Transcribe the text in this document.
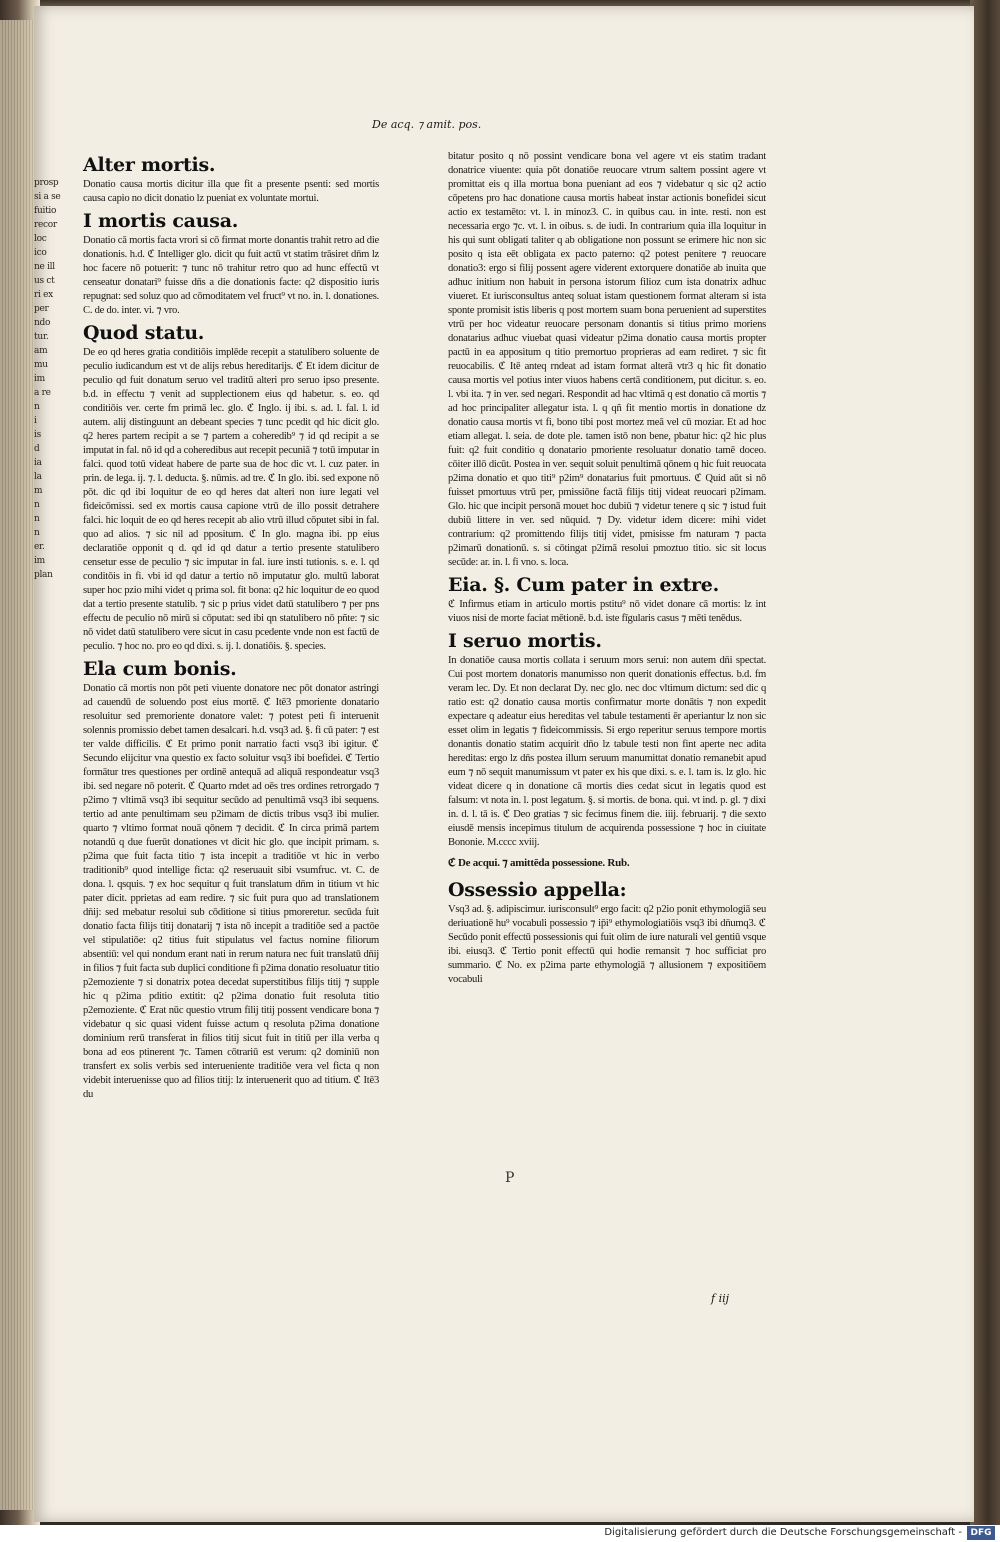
prosp
si a se
fuitio
recor
loc
ico
ne ill
us ct
ri ex
per
ndo
tur.
am
mu
im
a re
n
i
is
d
ia
la
m
n
n
n
er.
im
plan
De acq. ⁊ amit. pos.
Alter mortis.
Donatio causa mortis dicitur illa que fit a presente psenti: sed mortis causa capio no dicit donatio lz pueniat ex voluntate mortui.
I mortis causa.
Donatio cā mortis facta vrori si cō firmat morte donantis trahit retro ad die donationis. h.d. ℭ Intelliger glo. dicit qu fuit actū vt statim trāsiret dn̄m lz hoc facere nō potuerit: ⁊ tunc nō trahitur retro quo ad hunc effectū vt censeatur donatari⁹ fuisse dn̄s a die donationis facte: q2 dispositio iuris repugnat: sed soluz quo ad cōmoditatem vel fruct⁹ vt no. in. l. donationes. C. de do. inter. vi. ⁊ vro.
Quod statu.
De eo qd heres gratia conditiōis implēde recepit a statulibero soluente de peculio iudicandum est vt de alijs rebus hereditarijs. ℭ Et idem dicitur de peculio qd fuit donatum seruo vel traditū alteri pro seruo ipso presente. b.d. in effectu ⁊ venit ad supplectionem eius qd habetur. s. eo. qd conditiōis ver. certe fm primā lec. glo. ℭ Inglo. ij ibi. s. ad. l. fal. l. id autem. alij distinguunt an debeant species ⁊ tunc pcedit qd hic dicit glo. q2 heres partem recipit a se ⁊ partem a coheredib⁹ ⁊ id qd recipit a se imputat in fal. nō id qd a coheredibus aut recepit pecuniā ⁊ totū imputar in falci. quod totū videat habere de parte sua de hoc dic vt. l. cuz pater. in prin. de lega. ij. ⁊. l. deducta. §. nūmis. ad tre. ℭ In glo. ibi. sed expone nō pōt. dic qd ibi loquitur de eo qd heres dat alteri non iure legati vel fideicōmissi. sed ex mortis causa capione vtrū de illo possit detrahere falci. hic loquit de eo qd heres recepit ab alio vtrū illud cōputet sibi in fal. quo ad alios. ⁊ sic nil ad ppositum. ℭ In glo. magna ibi. pp eius declaratiōe opponit q d. qd id qd datur a tertio presente statulibero censetur esse de peculio ⁊ sic imputar in fal. iure insti tutionis. s. e. l. qd conditōis in fi. vbi id qd datur a tertio nō imputatur glo. multū laborat super hoc pzio mihi videt q prima sol. fit bona: q2 hic loquitur de eo quod dat a tertio presente statulib. ⁊ sic p prius videt datū statulibero ⁊ per pns effectu de peculio nō mirū si cōputat: sed ibi qn statulibero nō pñte: ⁊ sic nō videt datū statulibero vere sicut in casu pcedente vnde non est factū de peculio. ⁊ hoc no. pro eo qd dixi. s. ij. l. donatiōis. §. species.
Ela cum bonis.
Donatio cā mortis non pōt peti viuente donatore nec pōt donator astringi ad cauendū de soluendo post eius mortē. ℭ Itē3 pmoriente donatario resoluitur sed premoriente donatore valet: ⁊ potest peti fi interuenit solennis promissio debet tamen desalcari. h.d. vsq3 ad. §. fi cū pater: ⁊ est ter valde difficilis. ℭ Et primo ponit narratio facti vsq3 ibi igitur. ℭ Secundo elijcitur vna questio ex facto soluitur vsq3 ibi boefidei. ℭ Tertio formātur tres questiones per ordinē antequā ad aliquā respondeatur vsq3 ibi. sed negare nō poterit. ℭ Quarto rndet ad oēs tres ordines retrorgado ⁊ p2imo ⁊ vltimā vsq3 ibi sequitur secūdo ad penultimā vsq3 ibi sequens. tertio ad ante penultimam seu p2imam de dictis tribus vsq3 ibi mulier. quarto ⁊ vltimo format nouā qōnem ⁊ decidit. ℭ In circa primā partem notandū q due fuerūt donationes vt dicit hic glo. que incipit primam. s. p2ima que fuit facta titio ⁊ ista incepit a traditiōe vt hic in verbo traditionib⁹ quod intellige ficta: q2 reseruauit sibi vsumfruc. vt. C. de dona. l. qsquis. ⁊ ex hoc sequitur q fuit translatum dn̄m in titium vt hic pater dicit. pprietas ad eam redire. ⁊ sic fuit pura quo ad translationem dn̄ij: sed mebatur resolui sub cōditione si titius pmoreretur. secūda fuit donatio facta filijs titij donatarij ⁊ ista nō incepit a traditiōe sed a pactōe vel stipulatiōe: q2 titius fuit stipulatus vel factus nomine filiorum absentiū: vel qui nondum erant nati in rerum natura nec fuit translatū dn̄ij in filios ⁊ fuit facta sub duplici conditione fi p2ima donatio resoluatur titio p2emoziente ⁊ si donatrix potea decedat superstitibus filijs titij ⁊ supple hic q p2ima pditio extitit: q2 p2ima donatio fuit resoluta titio p2emoziente. ℭ Erat nūc questio vtrum filij titij possent vendicare bona ⁊ videbatur q sic quasi vident fuisse actum q resoluta p2ima donatione dominium rerū transferat in filios titij sicut fuit in titiū per illa verba q bona ad eos ptinerent ⁊c. Tamen cōtrariū est verum: q2 dominiū non transfert ex solis verbis sed interueniente traditiōe vera vel ficta q non videbit interuenisse quo ad filios titij: lz interuenerit quo ad titium. ℭ Itē3 du
bitatur posito q nō possint vendicare bona vel agere vt eis statim tradant donatrice viuente: quia pōt donatiōe reuocare vtrum saltem possint agere vt promittat eis q illa mortua bona pueniant ad eos ⁊ videbatur q sic q2 actio cōpetens pro hac donatione causa mortis habeat instar actionis bonefidei sicut actio ex testamēto: vt. l. in minoz3. C. in quibus cau. in inte. resti. non est necessaria ergo ⁊c. vt. l. in oibus. s. de iudi. In contrarium quia illa loquitur in his qui sunt obligati taliter q ab obligatione non possunt se erimere hic non sic posito q ista eēt obligata ex pacto paterno: q2 potest penitere ⁊ reuocare donatio3: ergo si filij possent agere viderent extorquere donatiōe ab inuita que adhuc initium non habuit in persona istorum filioz cum ista donatrix adhuc viueret. Et iurisconsultus anteq soluat istam questionem format alteram si ista sponte promisit istis liberis q post mortem suam bona peruenient ad superstites vtrū per hoc videatur reuocare personam donantis si titius primo moriens donatarius adhuc viuebat quasi videatur p2ima donatio causa mortis propter pactū in ea appositum q titio premortuo proprieras ad eam rediret. ⁊ sic fit reuocabilis. ℭ Itē anteq rndeat ad istam format alterā vtr3 q hic fit donatio causa mortis vel potius inter viuos habens certā conditionem, put dicitur. s. eo. l. vbi ita. ⁊ in ver. sed negari. Respondit ad hac vltimā q est donatio cā mortis ⁊ ad hoc principaliter allegatur ista. l. q qñ fit mentio mortis in donatione dz donatio causa mortis vt fi, bono tibi post mortez meā vel cū moziar. Et ad hoc etiam allegat. l. seia. de dote ple. tamen istō non bene, pbatur hic: q2 hic plus fuit: q2 fuit conditio q donatario pmoriente resoluatur donatio tamē doceo. cōiter illō dicūt. Postea in ver. sequit soluit penultimā qōnem q hic fuit reuocata p2ima donatio et quo titi⁹ p2im⁹ donatarius fuit pmortuus. ℭ Quid aūt si nō fuisset pmortuus vtrū per, pmissiōne factā filijs titij videat reuocari p2imam. Glo. hic que incipit personā mouet hoc dubiū ⁊ videtur tenere q sic ⁊ istud fuit dubiū littere in ver. sed nūquid. ⁊ Dy. videtur idem dicere: mihi videt contrarium: q2 promittendo filijs titij videt, pmisisse fm naturam ⁊ pacta p2imarū donationū. s. si cōtingat p2imā resolui pmoztuo titio. sic sit locus secūde: ar. in. l. fi vno. s. loca.
Eia. §. Cum pater in extre.
ℭ Infirmus etiam in articulo mortis pstitu⁹ nō videt donare cā mortis: lz int viuos nisi de morte faciat mētionē. b.d. iste fīgularis casus ⁊ mēti tenēdus.
I seruo mortis.
In donatiōe causa mortis collata i seruum mors serui: non autem dn̄i spectat. Cui post mortem donatoris manumisso non querit donationis effectus. b.d. fm veram lec. Dy. Et non declarat Dy. nec glo. nec doc vltimum dictum: sed dic q ratio est: q2 donatio causa mortis confirmatur morte donātis ⁊ non expedit expectare q adeatur eius hereditas vel tabule testamenti ēr aperiantur lz non sic esset olim in legatis ⁊ fideicommissis. Si ergo reperitur seruus tempore mortis donantis donatio statim acquirit dn̄o lz tabule testi non fint aperte nec adita hereditas: ergo lz dn̄s postea illum seruum manumittat donatio remanebit apud eum ⁊ nō sequit manumissum vt pater ex his que dixi. s. e. l. tam is. lz glo. hic videat dicere q in donatione cā mortis dies cedat sicut in legatis quod est falsum: vt nota in. l. post legatum. §. si mortis. de bona. qui. vt ind. p. gl. ⁊ dixi in. d. l. tā is. ℭ Deo gratias ⁊ sic fecimus finem die. iiij. februarij. ⁊ die sexto eiusdē mensis incepimus titulum de acquirenda possessione ⁊ hoc in ciuitate Bononie. M.cccc xviij.
ℭ De acqui. ⁊ amittēda possessione. Rub.
Ossessio appella:
Vsq3 ad. §. adipiscimur. iurisconsult⁹ ergo facit: q2 p2io ponit ethymologiā seu deriuationē hu⁹ vocabuli possessio ⁊ ip̄i⁹ ethymologiatiōis vsq3 ibi dn̄umq3. ℭ Secūdo ponit effectū possessionis qui fuit olim de iure naturali vel gentiū vsque ibi. eiusq3. ℭ Tertio ponit effectū qui hodie remansit ⁊ hoc sufficiat pro summario. ℭ No. ex p2ima parte ethymologiā ⁊ allusionem ⁊ expositiōem vocabuli
P
f iij
Digitalisierung gefördert durch die Deutsche Forschungsgemeinschaft - DFG
